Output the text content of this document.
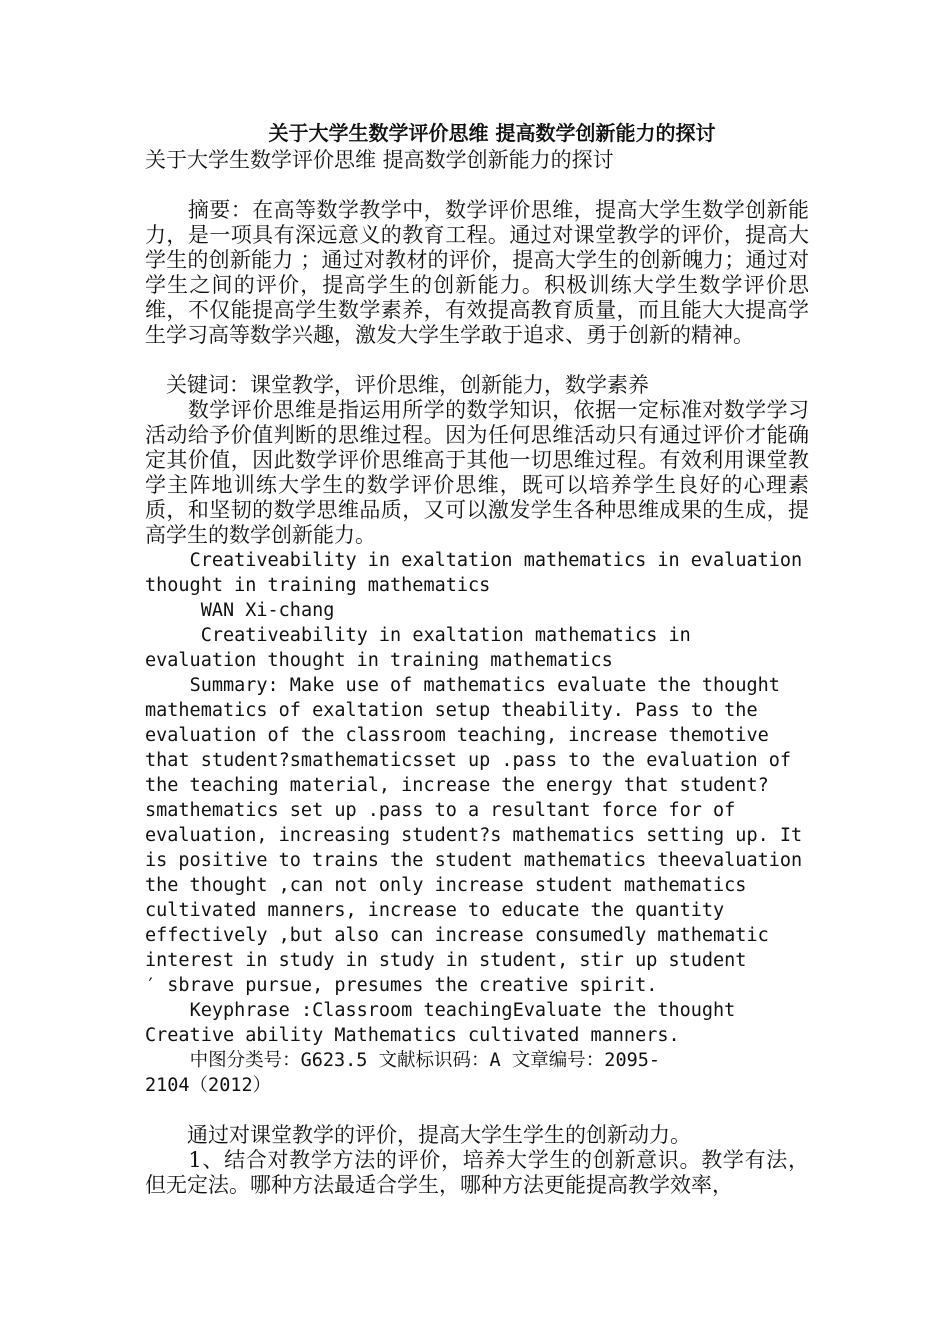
关于大学生数学评价思维 提高数学创新能力的探讨

关于大学生数学评价思维 提高数学创新能力的探讨

　　摘要：在高等数学教学中，数学评价思维，提高大学生数学创新能力，是一项具有深远意义的教育工程。通过对课堂教学的评价，提高大学生的创新能力 ；通过对教材的评价，提高大学生的创新魄力；通过对学生之间的评价，提高学生的创新能力。积极训练大学生数学评价思维，不仅能提高学生数学素养，有效提高教育质量，而且能大大提高学生学习高等数学兴趣，激发大学生学敢于追求、勇于创新的精神。

　关键词：课堂教学，评价思维，创新能力，数学素养

　　数学评价思维是指运用所学的数学知识，依据一定标准对数学学习活动给予价值判断的思维过程。因为任何思维活动只有通过评价才能确定其价值，因此数学评价思维高于其他一切思维过程。有效利用课堂教学主阵地训练大学生的数学评价思维，既可以培养学生良好的心理素质，和坚韧的数学思维品质，又可以激发学生各种思维成果的生成，提高学生的数学创新能力。

Creativeability in exaltation mathematics in evaluation
thought in training mathematics

WAN Xi-chang

Creativeability in exaltation mathematics in
evaluation thought in training mathematics

Summary: Make use of mathematics evaluate the thought
mathematics of exaltation setup theability. Pass to the
evaluation of the classroom teaching, increase themotive
that student?smathematicsset up .pass to the evaluation of
the teaching material, increase the energy that student?
smathematics set up .pass to a resultant force for of
evaluation, increasing student?s mathematics setting up. It
is positive to trains the student mathematics theevaluation
the thought ,can not only increase student mathematics
cultivated manners, increase to educate the quantity
effectively ,but also can increase consumedly mathematic
interest in study in study in student, stir up student
′ sbrave pursue, presumes the creative spirit.

Keyphrase :Classroom teachingEvaluate the thought
Creative ability Mathematics cultivated manners.

中图分类号：G623.5 文献标识码：A 文章编号：2095-
2104（2012）

　　通过对课堂教学的评价，提高大学生学生的创新动力。

　　1、结合对教学方法的评价，培养大学生的创新意识。教学有法，但无定法。哪种方法最适合学生，哪种方法更能提高教学效率，
